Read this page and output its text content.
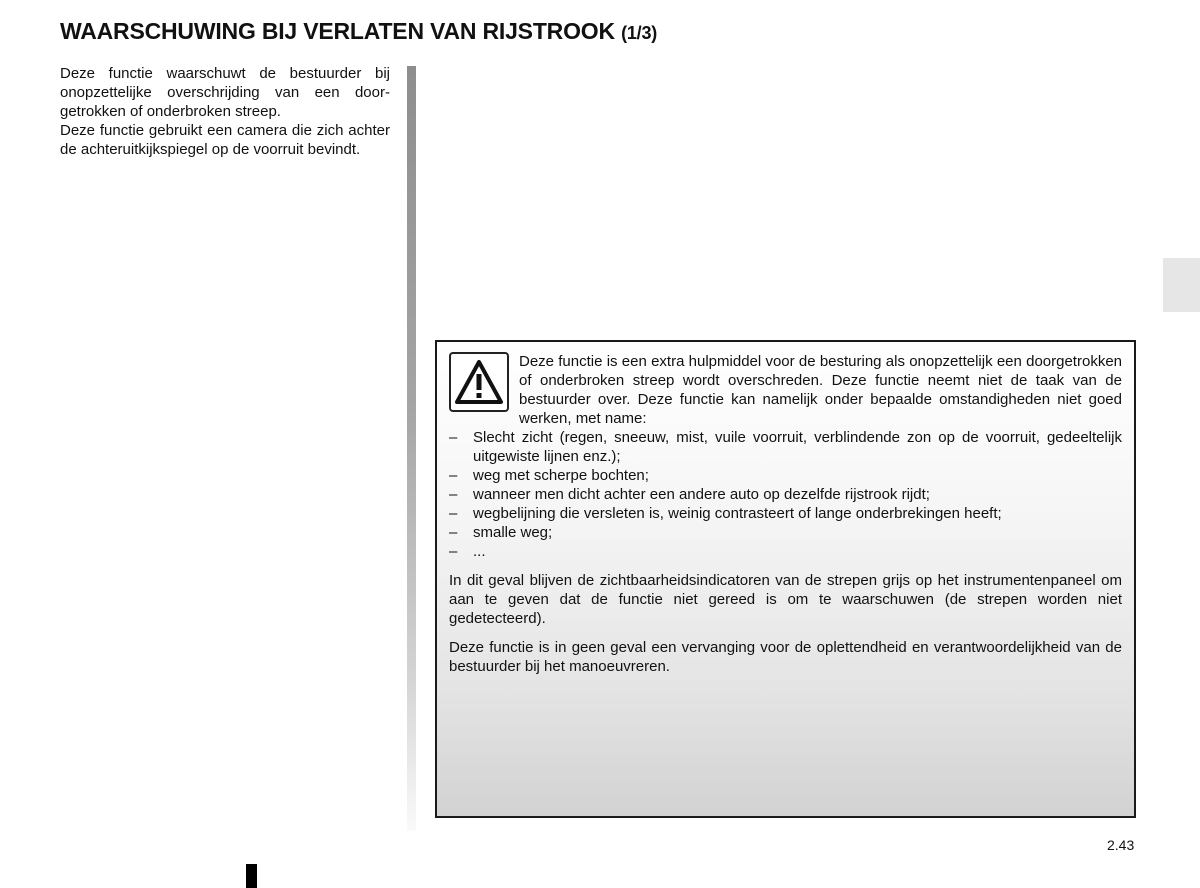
WAARSCHUWING BIJ VERLATEN VAN RIJSTROOK (1/3)

Deze functie waarschuwt de bestuurder bij onopzettelijke overschrijding van een doorgetrokken of onderbroken streep.

Deze functie gebruikt een camera die zich achter de achteruitkijkspiegel op de voorruit bevindt.

Deze functie is een extra hulpmiddel voor de besturing als onopzettelijk een doorgetrokken of onderbroken streep wordt overschreden. Deze functie neemt niet de taak van de bestuurder over. Deze functie kan namelijk onder bepaalde omstandigheden niet goed werken, met name:

– Slecht zicht (regen, sneeuw, mist, vuile voorruit, verblindende zon op de voorruit, gedeeltelijk uitgewiste lijnen enz.);
– weg met scherpe bochten;
– wanneer men dicht achter een andere auto op dezelfde rijstrook rijdt;
– wegbelijning die versleten is, weinig contrasteert of lange onderbrekingen heeft;
– smalle weg;
– ...

In dit geval blijven de zichtbaarheidsindicatoren van de strepen grijs op het instrumentenpaneel om aan te geven dat de functie niet gereed is om te waarschuwen (de strepen worden niet gedetecteerd).

Deze functie is in geen geval een vervanging voor de oplettendheid en verantwoordelijkheid van de bestuurder bij het manoeuvreren.

2.43
